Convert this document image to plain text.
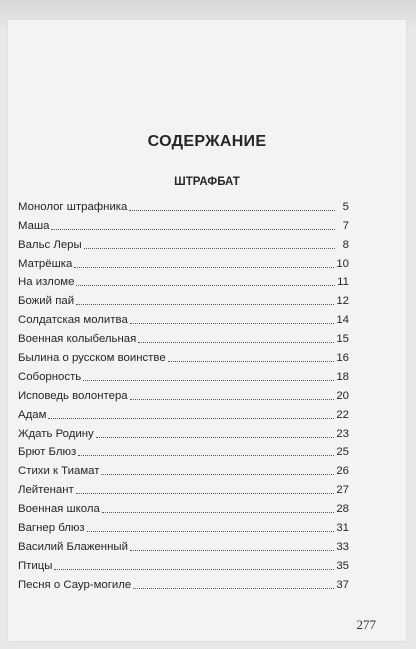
СОДЕРЖАНИЕ
ШТРАФБАТ
Монолог штрафника	5
Маша	7
Вальс Леры	8
Матрёшка	10
На изломе	11
Божий пай	12
Солдатская молитва	14
Военная колыбельная	15
Былина о русском воинстве	16
Соборность	18
Исповедь волонтера	20
Адам	22
Ждать Родину	23
Брют Блюз	25
Стихи к Тиамат	26
Лейтенант	27
Военная школа	28
Вагнер блюз	31
Василий Блаженный	33
Птицы	35
Песня о Саур-могиле	37
277
